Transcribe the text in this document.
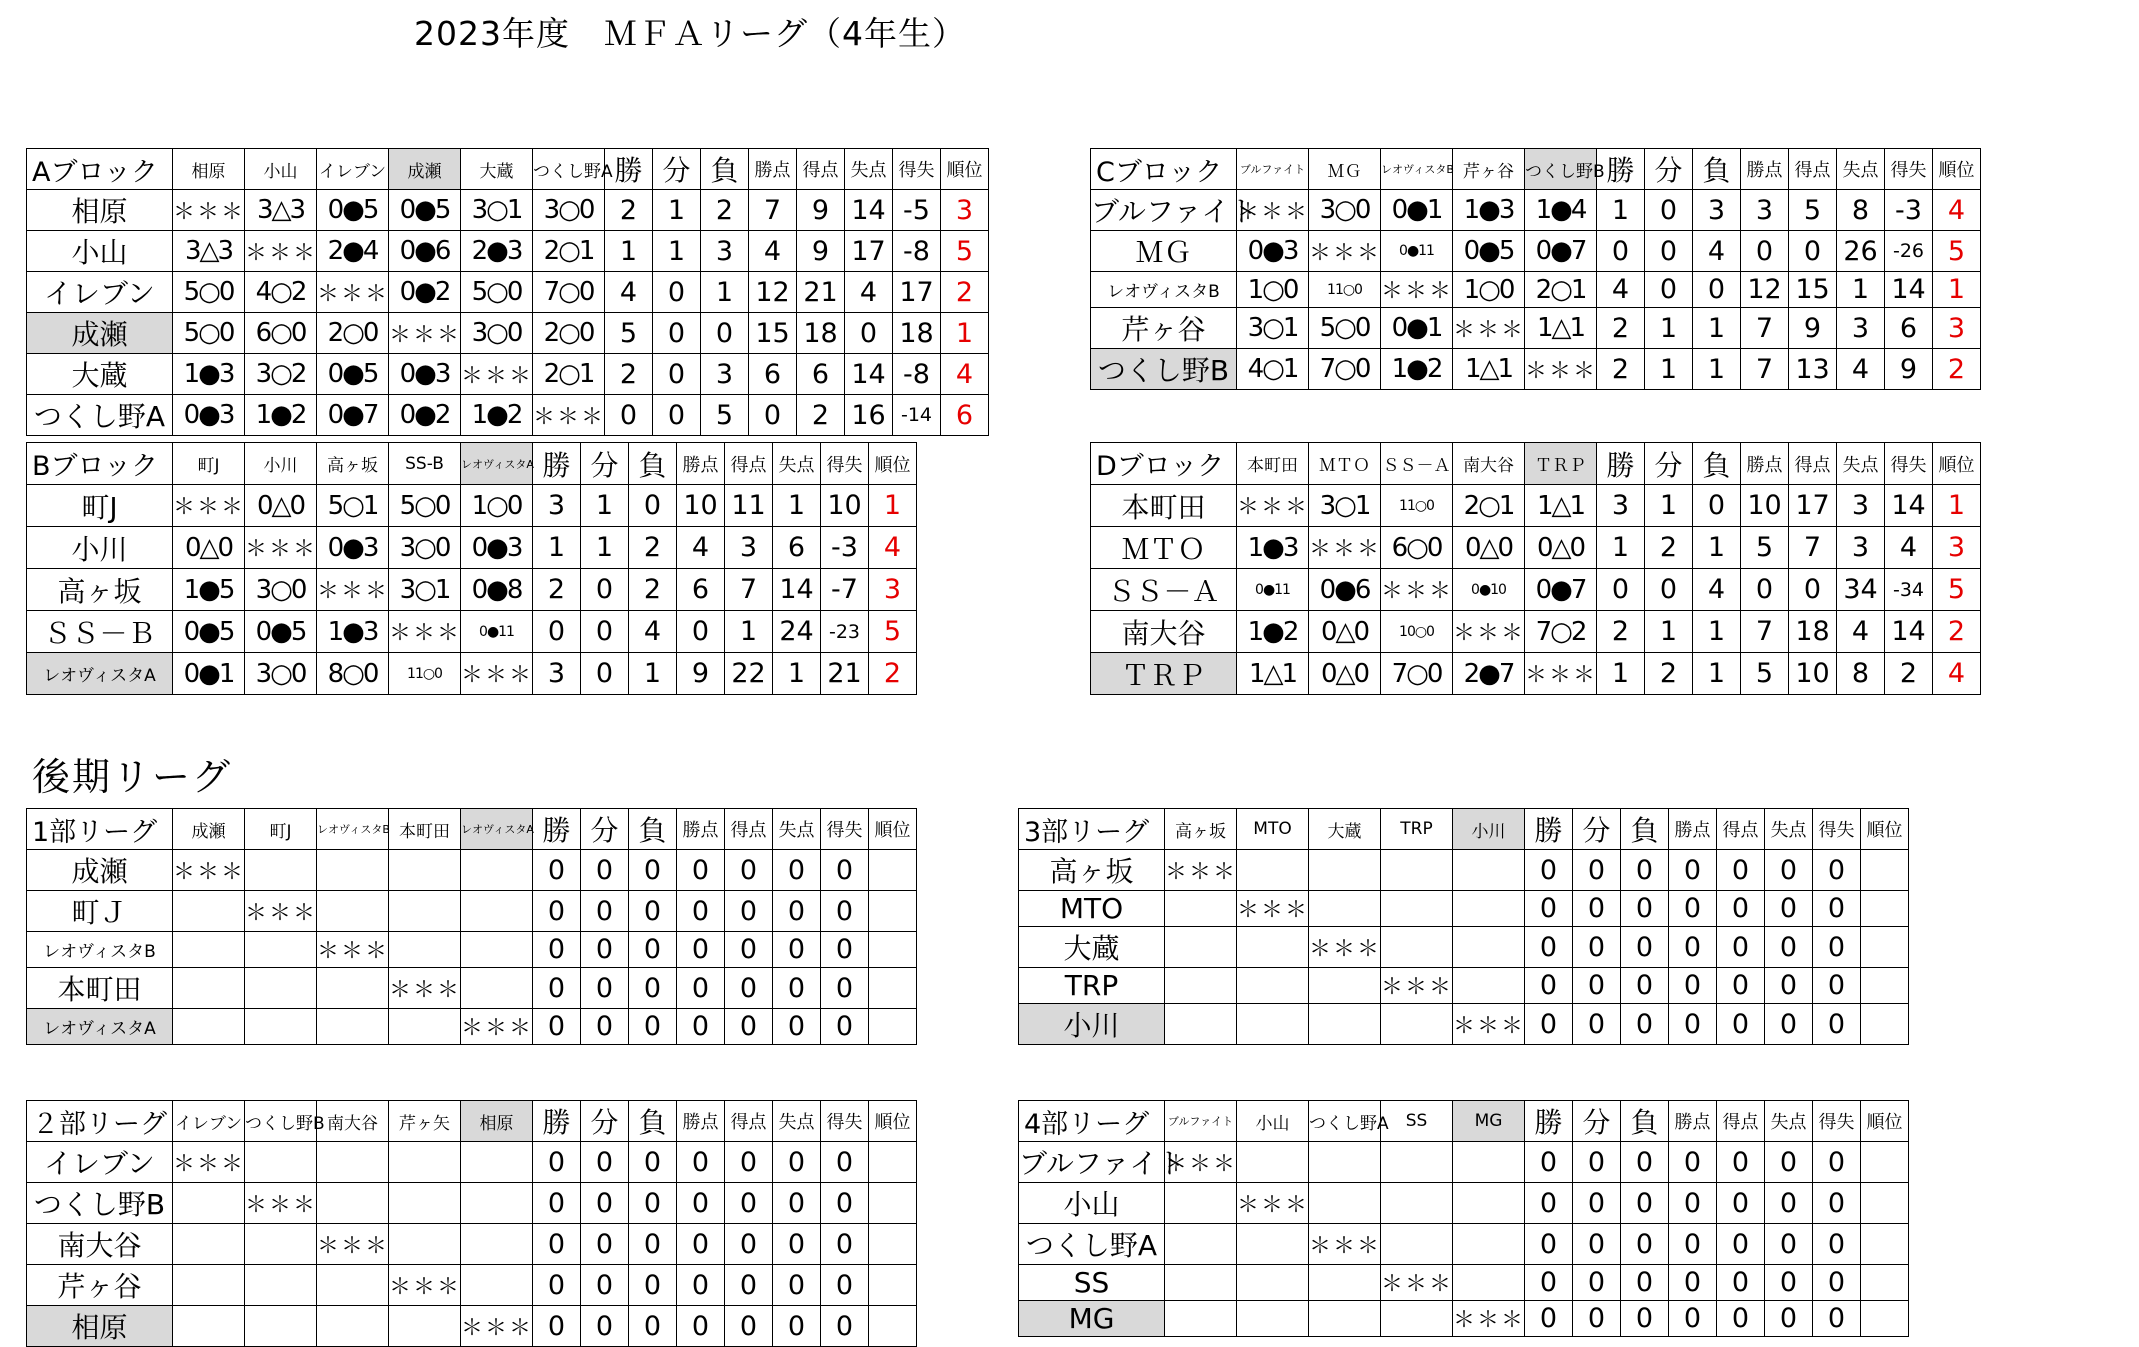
2023年度　ＭＦＡリーグ（4年生）
後期リーグ
Aブロック	相原	小山	イレブン	成瀬	大蔵	つくし野A	勝	分	負	勝点	得点	失点	得失	順位
相原	＊＊＊	3△3	0●5	0●5	3○1	3○0	2	1	2	7	9	14	-5	3
小山	3△3	＊＊＊	2●4	0●6	2●3	2○1	1	1	3	4	9	17	-8	5
イレブン	5○0	4○2	＊＊＊	0●2	5○0	7○0	4	0	1	12	21	4	17	2
成瀬	5○0	6○0	2○0	＊＊＊	3○0	2○0	5	0	0	15	18	0	18	1
大蔵	1●3	3○2	0●5	0●3	＊＊＊	2○1	2	0	3	6	6	14	-8	4
つくし野A	0●3	1●2	0●7	0●2	1●2	＊＊＊	0	0	5	0	2	16	-14	6
Cブロック	ブルファイト	ＭＧ	レオヴィスタB	芹ヶ谷	つくし野B	勝	分	負	勝点	得点	失点	得失	順位
ブルファイト	＊＊＊	3○0	0●1	1●3	1●4	1	0	3	3	5	8	-3	4
ＭＧ	0●3	＊＊＊	0●11	0●5	0●7	0	0	4	0	0	26	-26	5
レオヴィスタB	1○0	11○0	＊＊＊	1○0	2○1	4	0	0	12	15	1	14	1
芹ヶ谷	3○1	5○0	0●1	＊＊＊	1△1	2	1	1	7	9	3	6	3
つくし野B	4○1	7○0	1●2	1△1	＊＊＊	2	1	1	7	13	4	9	2
Bブロック	町J	小川	高ヶ坂	SS-B	レオヴィスタA	勝	分	負	勝点	得点	失点	得失	順位
町J	＊＊＊	0△0	5○1	5○0	1○0	3	1	0	10	11	1	10	1
小川	0△0	＊＊＊	0●3	3○0	0●3	1	1	2	4	3	6	-3	4
高ヶ坂	1●5	3○0	＊＊＊	3○1	0●8	2	0	2	6	7	14	-7	3
ＳＳ－Ｂ	0●5	0●5	1●3	＊＊＊	0●11	0	0	4	0	1	24	-23	5
レオヴィスタA	0●1	3○0	8○0	11○0	＊＊＊	3	0	1	9	22	1	21	2
Dブロック	本町田	ＭＴＯ	ＳＳ－Ａ	南大谷	ＴＲＰ	勝	分	負	勝点	得点	失点	得失	順位
本町田	＊＊＊	3○1	11○0	2○1	1△1	3	1	0	10	17	3	14	1
ＭＴＯ	1●3	＊＊＊	6○0	0△0	0△0	1	2	1	5	7	3	4	3
ＳＳ－Ａ	0●11	0●6	＊＊＊	0●10	0●7	0	0	4	0	0	34	-34	5
南大谷	1●2	0△0	10○0	＊＊＊	7○2	2	1	1	7	18	4	14	2
ＴＲＰ	1△1	0△0	7○0	2●7	＊＊＊	1	2	1	5	10	8	2	4
1部リーグ	成瀬	町J	レオヴィスタB	本町田	レオヴィスタA	勝	分	負	勝点	得点	失点	得失	順位
成瀬	＊＊＊					0	0	0	0	0	0	0	
町Ｊ		＊＊＊				0	0	0	0	0	0	0	
レオヴィスタB			＊＊＊			0	0	0	0	0	0	0	
本町田				＊＊＊		0	0	0	0	0	0	0	
レオヴィスタA					＊＊＊	0	0	0	0	0	0	0	
3部リーグ	高ヶ坂	MTO	大蔵	TRP	小川	勝	分	負	勝点	得点	失点	得失	順位
高ヶ坂	＊＊＊					0	0	0	0	0	0	0	
MTO		＊＊＊				0	0	0	0	0	0	0	
大蔵			＊＊＊			0	0	0	0	0	0	0	
TRP				＊＊＊		0	0	0	0	0	0	0	
小川					＊＊＊	0	0	0	0	0	0	0	
２部リーグ	イレブン	つくし野B	南大谷	芹ヶ矢	相原	勝	分	負	勝点	得点	失点	得失	順位
イレブン	＊＊＊					0	0	0	0	0	0	0	
つくし野B		＊＊＊				0	0	0	0	0	0	0	
南大谷			＊＊＊			0	0	0	0	0	0	0	
芹ヶ谷				＊＊＊		0	0	0	0	0	0	0	
相原					＊＊＊	0	0	0	0	0	0	0	
4部リーグ	ブルファイト	小山	つくし野A	SS	MG	勝	分	負	勝点	得点	失点	得失	順位
ブルファイト	＊＊＊					0	0	0	0	0	0	0	
小山		＊＊＊				0	0	0	0	0	0	0	
つくし野A			＊＊＊			0	0	0	0	0	0	0	
SS				＊＊＊		0	0	0	0	0	0	0	
MG					＊＊＊	0	0	0	0	0	0	0	
